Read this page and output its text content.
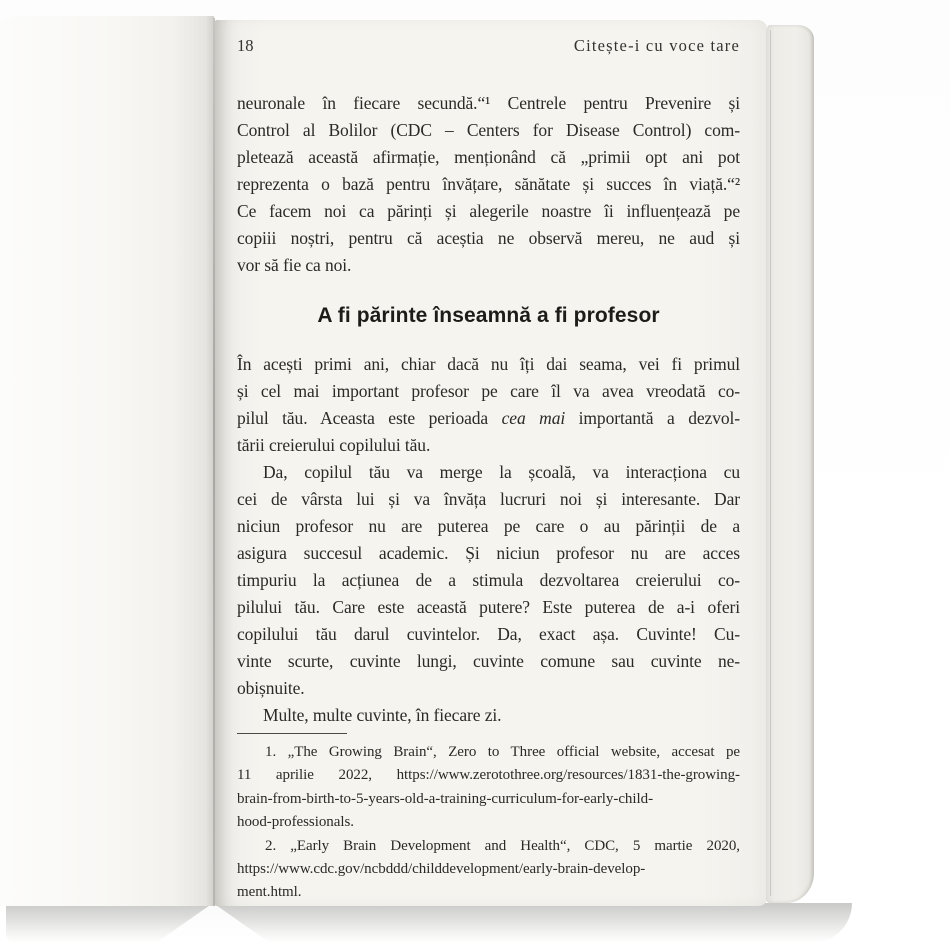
18	Citește-i cu voce tare
neuronale în fiecare secundă.“¹ Centrele pentru Prevenire și
Control al Bolilor (CDC – Centers for Disease Control) com-
pletează această afirmație, menționând că „primii opt ani pot
reprezenta o bază pentru învățare, sănătate și succes în viață.“²
Ce facem noi ca părinți și alegerile noastre îi influențează pe
copiii noștri, pentru că aceștia ne observă mereu, ne aud și
vor să fie ca noi.
A fi părinte înseamnă a fi profesor
În acești primi ani, chiar dacă nu îți dai seama, vei fi primul
și cel mai important profesor pe care îl va avea vreodată co-
pilul tău. Aceasta este perioada cea mai importantă a dezvol-
tării creierului copilului tău.
Da, copilul tău va merge la școală, va interacționa cu
cei de vârsta lui și va învăța lucruri noi și interesante. Dar
niciun profesor nu are puterea pe care o au părinții de a
asigura succesul academic. Și niciun profesor nu are acces
timpuriu la acțiunea de a stimula dezvoltarea creierului co-
pilului tău. Care este această putere? Este puterea de a-i oferi
copilului tău darul cuvintelor. Da, exact așa. Cuvinte! Cu-
vinte scurte, cuvinte lungi, cuvinte comune sau cuvinte ne-
obișnuite.
Multe, multe cuvinte, în fiecare zi.
1. „The Growing Brain“, Zero to Three official website, accesat pe
11 aprilie 2022, https://www.zerotothree.org/resources/1831-the-growing-
brain-from-birth-to-5-years-old-a-training-curriculum-for-early-child-
hood-professionals.
2. „Early Brain Development and Health“, CDC, 5 martie 2020,
https://www.cdc.gov/ncbddd/childdevelopment/early-brain-develop-
ment.html.
